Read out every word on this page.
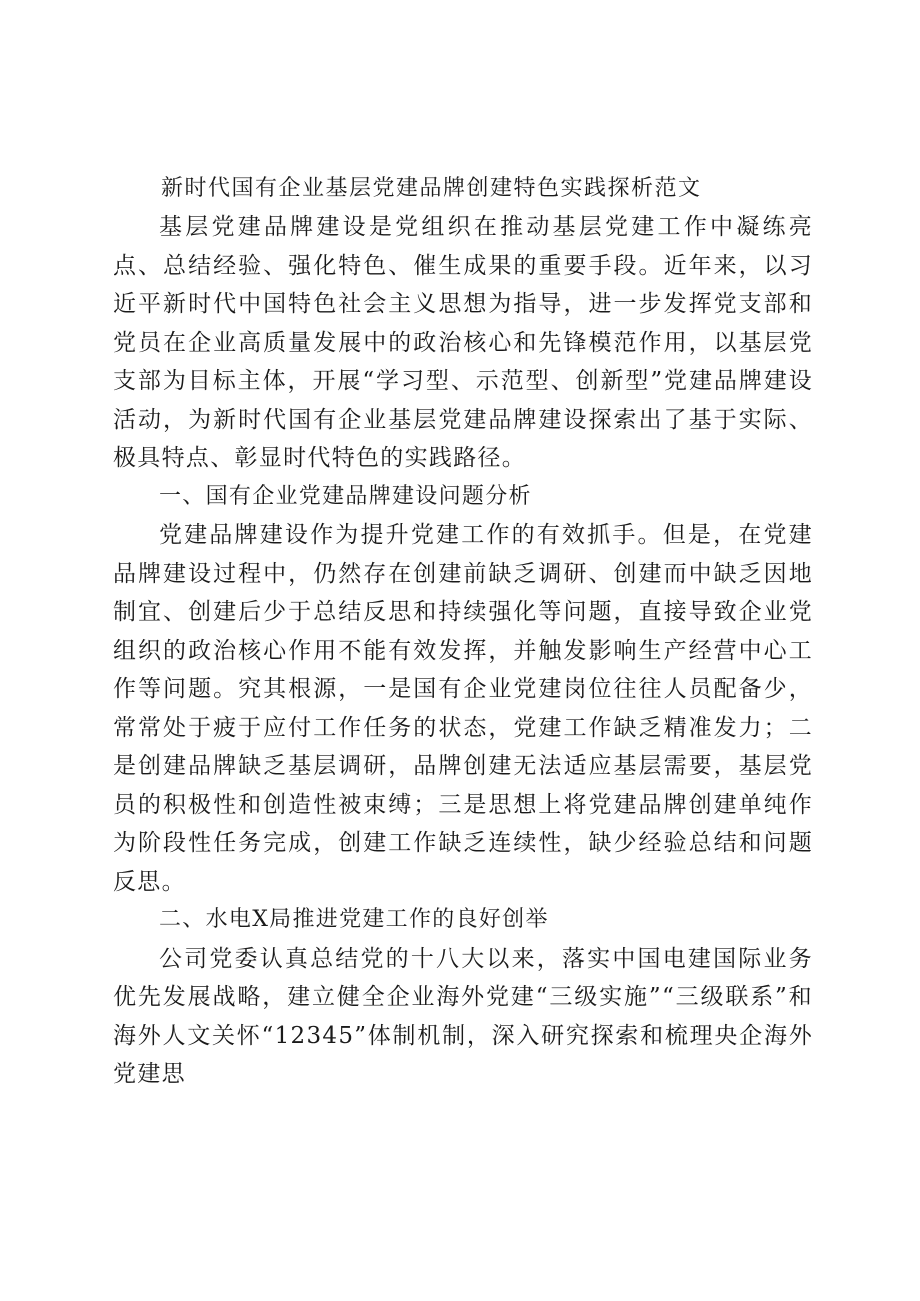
新时代国有企业基层党建品牌创建特色实践探析范文

基层党建品牌建设是党组织在推动基层党建工作中凝练亮点、总结经验、强化特色、催生成果的重要手段。近年来，以习近平新时代中国特色社会主义思想为指导，进一步发挥党支部和党员在企业高质量发展中的政治核心和先锋模范作用，以基层党支部为目标主体，开展“学习型、示范型、创新型”党建品牌建设活动，为新时代国有企业基层党建品牌建设探索出了基于实际、极具特点、彰显时代特色的实践路径。

一、国有企业党建品牌建设问题分析

党建品牌建设作为提升党建工作的有效抓手。但是，在党建品牌建设过程中，仍然存在创建前缺乏调研、创建而中缺乏因地制宜、创建后少于总结反思和持续强化等问题，直接导致企业党组织的政治核心作用不能有效发挥，并触发影响生产经营中心工作等问题。究其根源，一是国有企业党建岗位往往人员配备少，常常处于疲于应付工作任务的状态，党建工作缺乏精准发力；二是创建品牌缺乏基层调研，品牌创建无法适应基层需要，基层党员的积极性和创造性被束缚；三是思想上将党建品牌创建单纯作为阶段性任务完成，创建工作缺乏连续性，缺少经验总结和问题反思。

二、水电X局推进党建工作的良好创举

公司党委认真总结党的十八大以来，落实中国电建国际业务优先发展战略，建立健全企业海外党建“三级实施”“三级联系”和海外人文关怀“12345”体制机制，深入研究探索和梳理央企海外党建思
